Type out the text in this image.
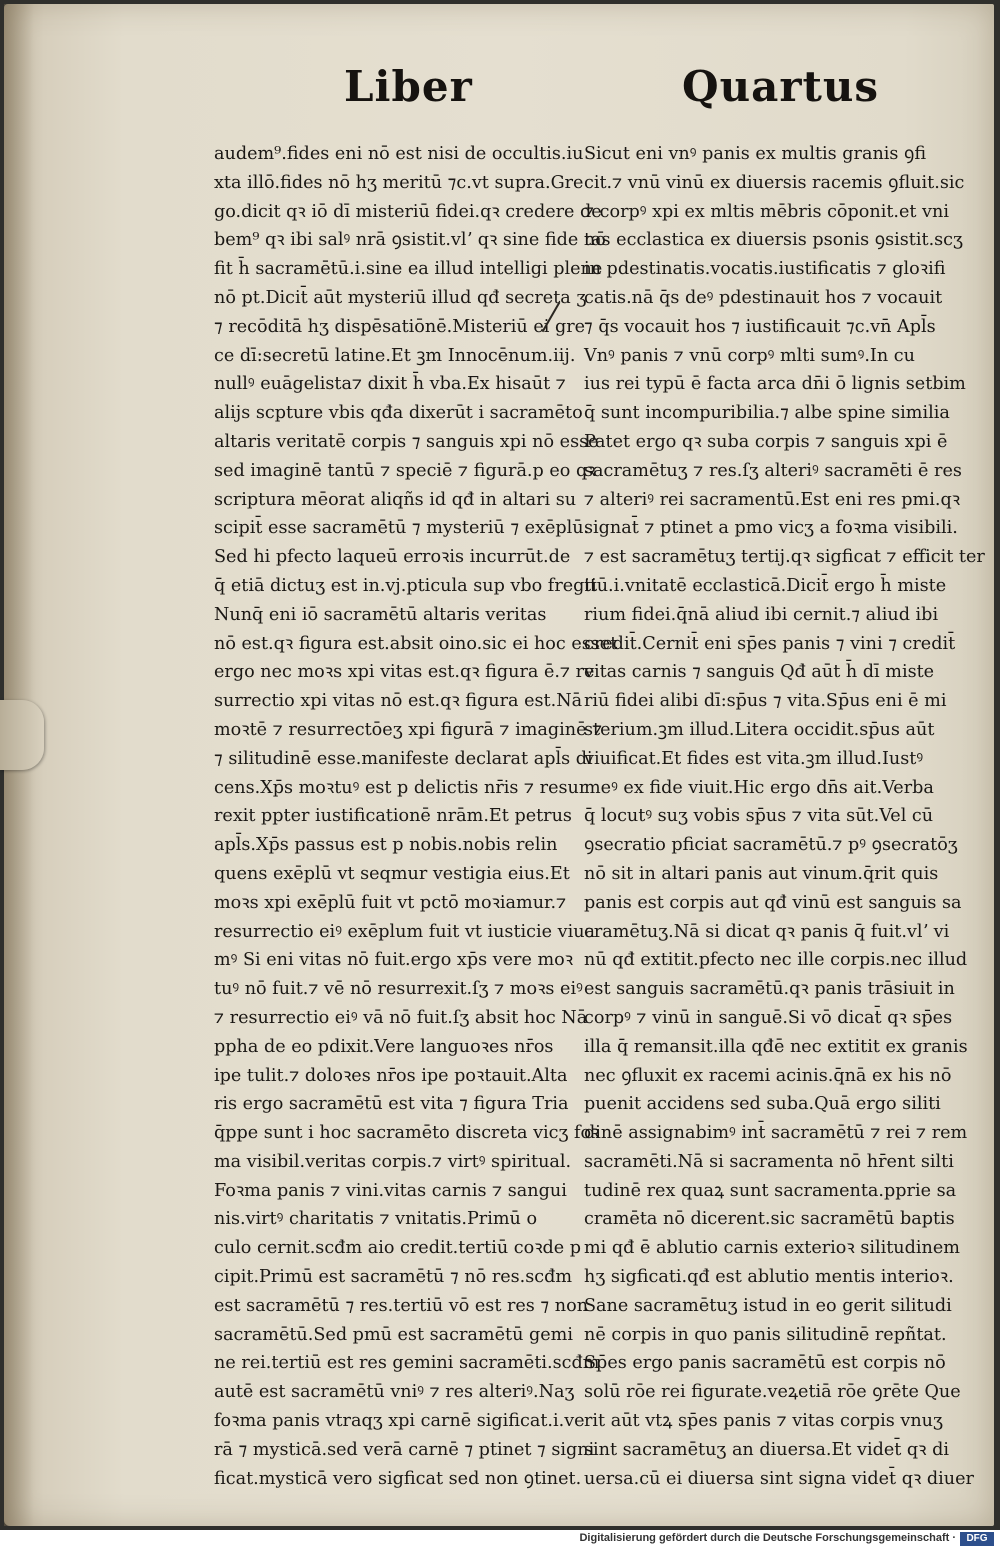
Liber	Quartus
audem⁹.fides eni nō est nisi de occultis.iu
xta illō.fides nō hʒ meritū ⁊c.vt supra.Gre
go.dicit qꝛ iō dī misteriū fidei.qꝛ credere de
bem⁹ qꝛ ibi salꝰ nrā ꝯsistit.vlʼ qꝛ sine fide nō
fit h̄ sacramētū.i.sine ea illud intelligi plene
nō pt.Dicit̄ aūt mysteriū illud qđ secreta ʒ
⁊ recōditā hʒ dispēsatiōnē.Misteriū ei gre
ce dī:secretū latine.Et ꝫm Innocēnum.iij.
nullꝰ euāgelista⁊ dixit h̄ vba.Ex hisaūt ⁊
alijs scpture vbis qđa dixerūt i sacramēto
altaris veritatē corpis ⁊ sanguis xpi nō esse
sed imaginē tantū ⁊ speciē ⁊ figurā.p eo qꝛ
scriptura mēorat aliqñs id qđ in altari su
scipit̄ esse sacramētū ⁊ mysteriū ⁊ exēplū.
Sed hi pfecto laqueū erroꝛis incurrūt.de
q̄ etiā dictuʒ est in.vj.pticula sup vbo fregit
Nunq̄ eni iō sacramētū altaris veritas
nō est.qꝛ figura est.absit oino.sic ei hoc esset
ergo nec moꝛs xpi vitas est.qꝛ figura ē.⁊ re
surrectio xpi vitas nō est.qꝛ figura est.Nā
moꝛtē ⁊ resurrectōeʒ xpi figurā ⁊ imaginē ⁊
⁊ silitudinē esse.manifeste declarat apl̄s di
cens.Xp̄s moꝛtuꝰ est p delictis nr̄is ⁊ resur
rexit ppter iustificationē nrām.Et petrus
apl̄s.Xp̄s passus est p nobis.nobis relin
quens exēplū vt seqmur vestigia eius.Et
moꝛs xpi exēplū fuit vt pctō moꝛiamur.⁊
resurrectio eiꝰ exēplum fuit vt iusticie viua
mꝰ Si eni vitas nō fuit.ergo xp̄s vere moꝛ
tuꝰ nō fuit.⁊ vē nō resurrexit.ſʒ ⁊ moꝛs eiꝰ
⁊ resurrectio eiꝰ vā nō fuit.ſʒ absit hoc Nā
ppha de eo pdixit.Vere languoꝛes nr̄os
ipe tulit.⁊ doloꝛes nr̄os ipe poꝛtauit.Alta
ris ergo sacramētū est vita ⁊ figura Tria
q̄ppe sunt i hoc sacramēto discreta vicʒ foꝛ
ma visibil.veritas corpis.⁊ virtꝰ spiritual.
Foꝛma panis ⁊ vini.vitas carnis ⁊ sangui
nis.virtꝰ charitatis ⁊ vnitatis.Primū o
culo cernit.scđm aio credit.tertiū coꝛde p
cipit.Primū est sacramētū ⁊ nō res.scđm
est sacramētū ⁊ res.tertiū vō est res ⁊ non
sacramētū.Sed pmū est sacramētū gemi
ne rei.tertiū est res gemini sacramēti.scđm
autē est sacramētū vniꝰ ⁊ res alteriꝰ.Naʒ
foꝛma panis vtraqʒ xpi carnē sigificat.i.ve
rā ⁊ mysticā.sed verā carnē ⁊ ptinet ⁊ signi
ficat.mysticā vero sigficat sed non ꝯtinet.
Sicut eni vnꝰ panis ex multis granis ꝯfi
cit.⁊ vnū vinū ex diuersis racemis ꝯfluit.sic
⁊ corpꝰ xpi ex mltis mēbris cōponit.et vni
tas ecclastica ex diuersis psonis ꝯsistit.scʒ
in pdestinatis.vocatis.iustificatis ⁊ gloꝛifi
catis.nā q̄s deꝰ pdestinauit hos ⁊ vocauit
⁊ q̄s vocauit hos ⁊ iustificauit ⁊c.vn̄ Apl̄s
Vnꝰ panis ⁊ vnū corpꝰ mlti sumꝰ.In cu
ius rei typū ē facta arca dn̄i ō lignis setbim
q̄ sunt incompuribilia.⁊ albe spine similia
Patet ergo qꝛ suba corpis ⁊ sanguis xpi ē
sacramētuʒ ⁊ res.ſʒ alteriꝰ sacramēti ē res
⁊ alteriꝰ rei sacramentū.Est eni res pmi.qꝛ
signat̄ ⁊ ptinet a pmo vicʒ a foꝛma visibili.
⁊ est sacramētuʒ tertij.qꝛ sigficat ⁊ efficit ter
tiū.i.vnitatē ecclasticā.Dicit̄ ergo h̄ miste
rium fidei.q̄nā aliud ibi cernit.⁊ aliud ibi
credit̄.Cernit̄ eni sp̄es panis ⁊ vini ⁊ credit̄
vitas carnis ⁊ sanguis Qđ aūt h̄ dī miste
riū fidei alibi dī:sp̄us ⁊ vita.Sp̄us eni ē mi
sterium.ꝫm illud.Litera occidit.sp̄us aūt
viuificat.Et fides est vita.ꝫm illud.Iustꝰ
meꝰ ex fide viuit.Hic ergo dn̄s ait.Verba
q̄ locutꝰ suʒ vobis sp̄us ⁊ vita sūt.Vel cū
ꝯsecratio pficiat sacramētū.⁊ pꝰ ꝯsecratōʒ
nō sit in altari panis aut vinum.q̄rit quis
panis est corpis aut qđ vinū est sanguis sa
cramētuʒ.Nā si dicat qꝛ panis q̄ fuit.vlʼ vi
nū qđ extitit.pfecto nec ille corpis.nec illud
est sanguis sacramētū.qꝛ panis trāsiuit in
corpꝰ ⁊ vinū in sanguē.Si vō dicat̄ qꝛ sp̄es
illa q̄ remansit.illa qđē nec extitit ex granis
nec ꝯfluxit ex racemi acinis.q̄nā ex his nō
puenit accidens sed suba.Quā ergo siliti
dinē assignabimꝰ int̄ sacramētū ⁊ rei ⁊ rem
sacramēti.Nā si sacramenta nō hr̄ent silti
tudinē rex quaꝝ sunt sacramenta.pprie sa
cramēta nō dicerent.sic sacramētū baptis
mi qđ ē ablutio carnis exterioꝛ silitudinem
hʒ sigficati.qđ est ablutio mentis interioꝛ.
Sane sacramētuʒ istud in eo gerit silitudi
nē corpis in quo panis silitudinē repñtat.
Sp̄es ergo panis sacramētū est corpis nō
solū rōe rei figurate.veꝝetiā rōe ꝯrēte Que
rit aūt vtꝝ sp̄es panis ⁊ vitas corpis vnuʒ
sint sacramētuʒ an diuersa.Et videt̄ qꝛ di
uersa.cū ei diuersa sint signa videt̄ qꝛ diuer
Digitalisierung gefördert durch die Deutsche Forschungsgemeinschaft ·	DFG
